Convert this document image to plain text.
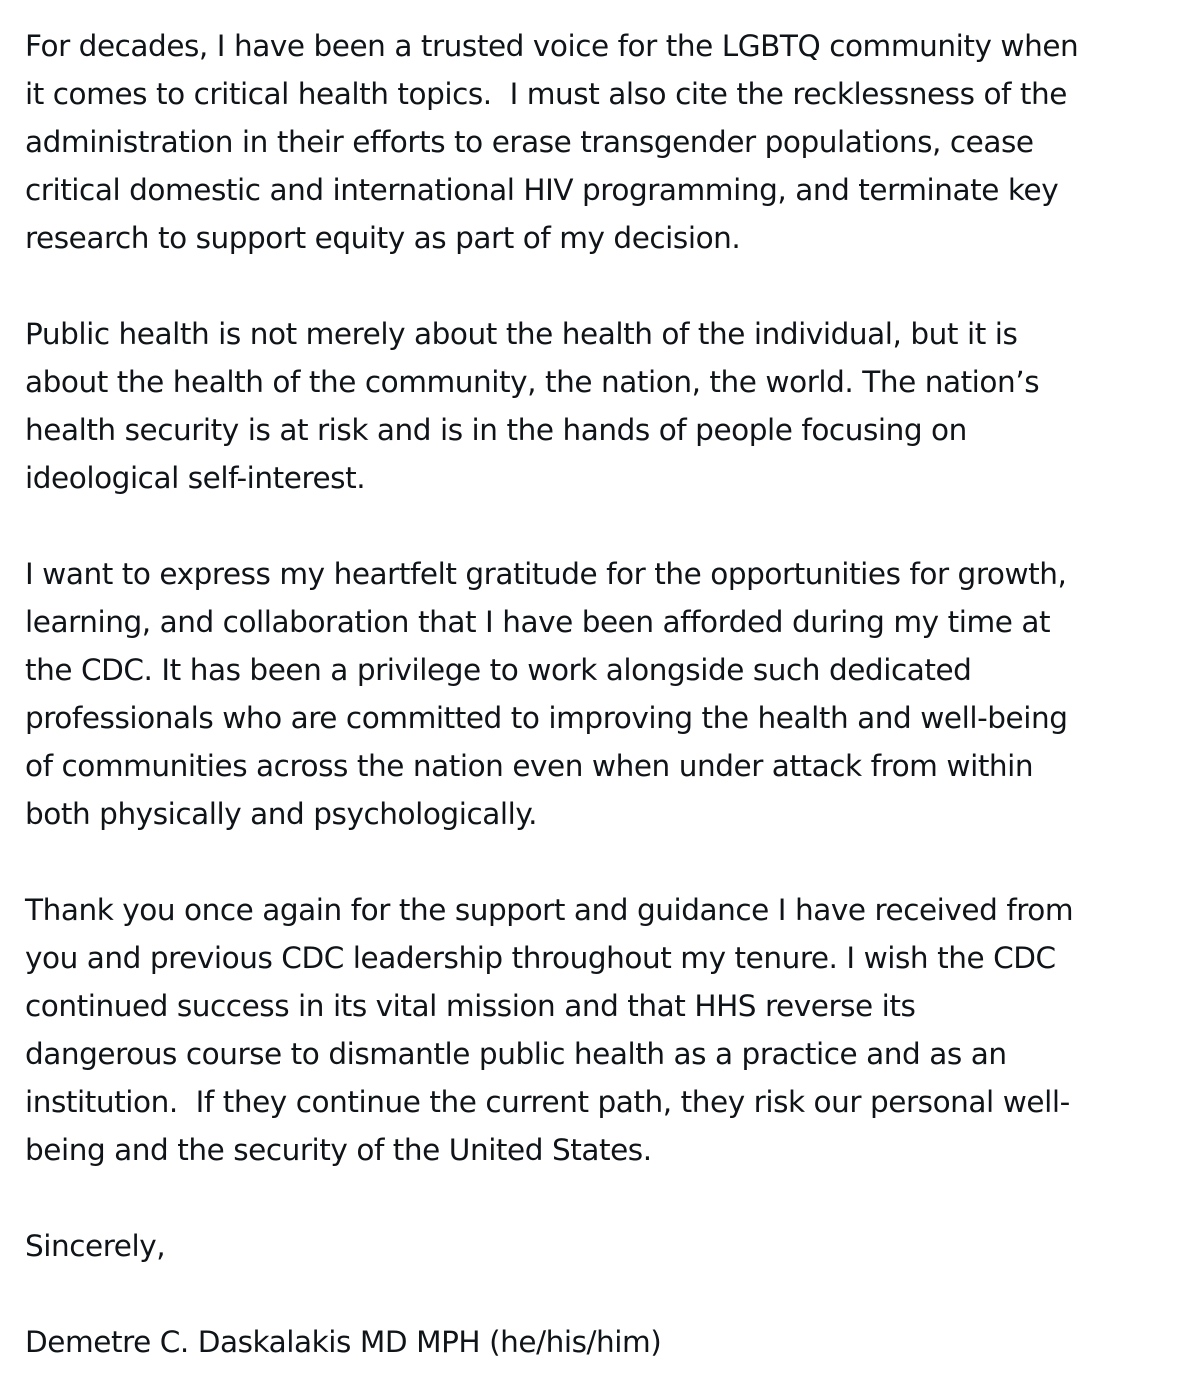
For decades, I have been a trusted voice for the LGBTQ community when
it comes to critical health topics.  I must also cite the recklessness of the
administration in their efforts to erase transgender populations, cease
critical domestic and international HIV programming, and terminate key
research to support equity as part of my decision.
Public health is not merely about the health of the individual, but it is
about the health of the community, the nation, the world. The nation’s
health security is at risk and is in the hands of people focusing on
ideological self-interest.
I want to express my heartfelt gratitude for the opportunities for growth,
learning, and collaboration that I have been afforded during my time at
the CDC. It has been a privilege to work alongside such dedicated
professionals who are committed to improving the health and well-being
of communities across the nation even when under attack from within
both physically and psychologically.
Thank you once again for the support and guidance I have received from
you and previous CDC leadership throughout my tenure. I wish the CDC
continued success in its vital mission and that HHS reverse its
dangerous course to dismantle public health as a practice and as an
institution.  If they continue the current path, they risk our personal well-
being and the security of the United States.
Sincerely,
Demetre C. Daskalakis MD MPH (he/his/him)
